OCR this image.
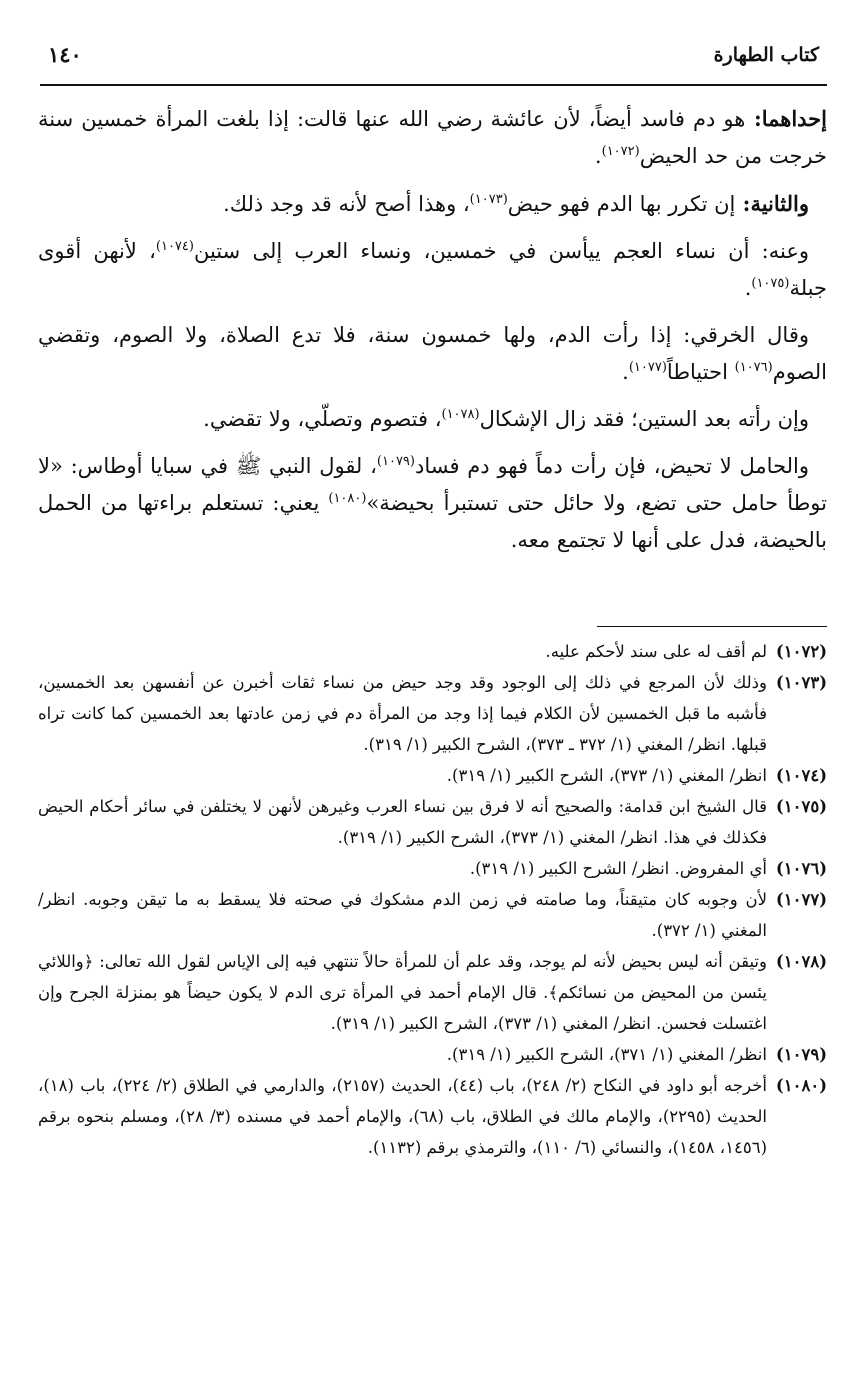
كتاب الطهارة
١٤٠

إحداهما: هو دم فاسد أيضاً، لأن عائشة رضي الله عنها قالت: إذا بلغت المرأة خمسين سنة خرجت من حد الحيض$^{(١٠٧٢)}$.

والثانية: إن تكرر بها الدم فهو حيض$^{(١٠٧٣)}$، وهذا أصح لأنه قد وجد ذلك.

وعنه: أن نساء العجم ييأسن في خمسين، ونساء العرب إلى ستين$^{(١٠٧٤)}$، لأنهن أقوى جبلة$^{(١٠٧٥)}$.

وقال الخرقي: إذا رأت الدم، ولها خمسون سنة، فلا تدع الصلاة، ولا الصوم، وتقضي الصوم$^{(١٠٧٦)}$ احتياطاً$^{(١٠٧٧)}$.

وإن رأته بعد الستين؛ فقد زال الإشكال$^{(١٠٧٨)}$، فتصوم وتصلّي، ولا تقضي.

والحامل لا تحيض، فإن رأت دماً فهو دم فساد$^{(١٠٧٩)}$، لقول النبي ﷺ في سبايا أوطاس: «لا توطأ حامل حتى تضع، ولا حائل حتى تستبرأ بحيضة»$^{(١٠٨٠)}$ يعني: تستعلم براءتها من الحمل بالحيضة، فدل على أنها لا تجتمع معه.

(١٠٧٢)
لم أقف له على سند لأحكم عليه.
(١٠٧٣)
وذلك لأن المرجع في ذلك إلى الوجود وقد وجد حيض من نساء ثقات أخبرن عن أنفسهن بعد الخمسين، فأشبه ما قبل الخمسين لأن الكلام فيما إذا وجد من المرأة دم في زمن عادتها بعد الخمسين كما كانت تراه قبلها. انظر/ المغني (١/ ٣٧٢ ـ ٣٧٣)، الشرح الكبير (١/ ٣١٩).
(١٠٧٤)
انظر/ المغني (١/ ٣٧٣)، الشرح الكبير (١/ ٣١٩).
(١٠٧٥)
قال الشيخ ابن قدامة: والصحيح أنه لا فرق بين نساء العرب وغيرهن لأنهن لا يختلفن في سائر أحكام الحيض فكذلك في هذا. انظر/ المغني (١/ ٣٧٣)، الشرح الكبير (١/ ٣١٩).
(١٠٧٦)
أي المفروض. انظر/ الشرح الكبير (١/ ٣١٩).
(١٠٧٧)
لأن وجوبه كان متيقناً، وما صامته في زمن الدم مشكوك في صحته فلا يسقط به ما تيقن وجوبه. انظر/ المغني (١/ ٣٧٢).
(١٠٧٨)
وتيقن أنه ليس بحيض لأنه لم يوجد، وقد علم أن للمرأة حالاً تنتهي فيه إلى الإياس لقول الله تعالى: ﴿واللائي يئسن من المحيض من نسائكم﴾. قال الإمام أحمد في المرأة ترى الدم لا يكون حيضاً هو بمنزلة الجرح وإن اغتسلت فحسن. انظر/ المغني (١/ ٣٧٣)، الشرح الكبير (١/ ٣١٩).
(١٠٧٩)
انظر/ المغني (١/ ٣٧١)، الشرح الكبير (١/ ٣١٩).
(١٠٨٠)
أخرجه أبو داود في النكاح (٢/ ٢٤٨)، باب (٤٤)، الحديث (٢١٥٧)، والدارمي في الطلاق (٢/ ٢٢٤)، باب (١٨)، الحديث (٢٢٩٥)، والإمام مالك في الطلاق، باب (٦٨)، والإمام أحمد في مسنده (٣/ ٢٨)، ومسلم بنحوه برقم (١٤٥٦، ١٤٥٨)، والنسائي (٦/ ١١٠)، والترمذي برقم (١١٣٢).
